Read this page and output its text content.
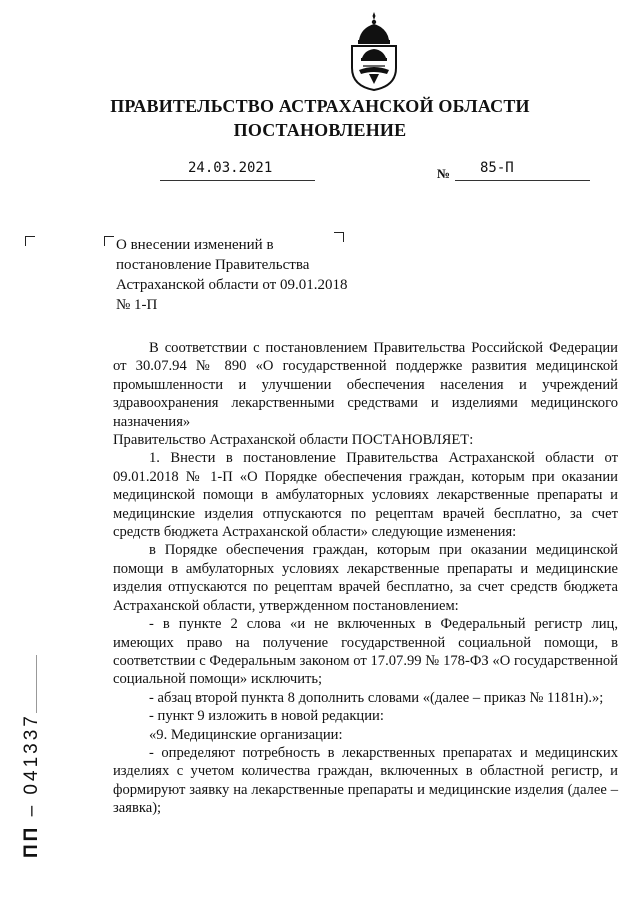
ПРАВИТЕЛЬСТВО АСТРАХАНСКОЙ ОБЛАСТИ
ПОСТАНОВЛЕНИЕ
24.03.2021	№ 85-П
О внесении изменений в постановление Правительства Астраханской области от 09.01.2018 № 1-П

В соответствии с постановлением Правительства Российской Федерации от 30.07.94 № 890 «О государственной поддержке развития медицинской промышленности и улучшении обеспечения населения и учреждений здравоохранения лекарственными средствами и изделиями медицинского назначения»

Правительство Астраханской области ПОСТАНОВЛЯЕТ:

1. Внести в постановление Правительства Астраханской области от 09.01.2018 № 1-П «О Порядке обеспечения граждан, которым при оказании медицинской помощи в амбулаторных условиях лекарственные препараты и медицинские изделия отпускаются по рецептам врачей бесплатно, за счет средств бюджета Астраханской области» следующие изменения:

в Порядке обеспечения граждан, которым при оказании медицинской помощи в амбулаторных условиях лекарственные препараты и медицинские изделия отпускаются по рецептам врачей бесплатно, за счет средств бюджета Астраханской области, утвержденном постановлением:

- в пункте 2 слова «и не включенных в Федеральный регистр лиц, имеющих право на получение государственной социальной помощи, в соответствии с Федеральным законом от 17.07.99 № 178-ФЗ «О государственной социальной помощи» исключить;

- абзац второй пункта 8 дополнить словами «(далее – приказ № 1181н).»;

- пункт 9 изложить в новой редакции:

«9. Медицинские организации:

- определяют потребность в лекарственных препаратах и медицинских изделиях с учетом количества граждан, включенных в областной регистр, и формируют заявку на лекарственные препараты и медицинские изделия (далее – заявка);

ПП – 041337
